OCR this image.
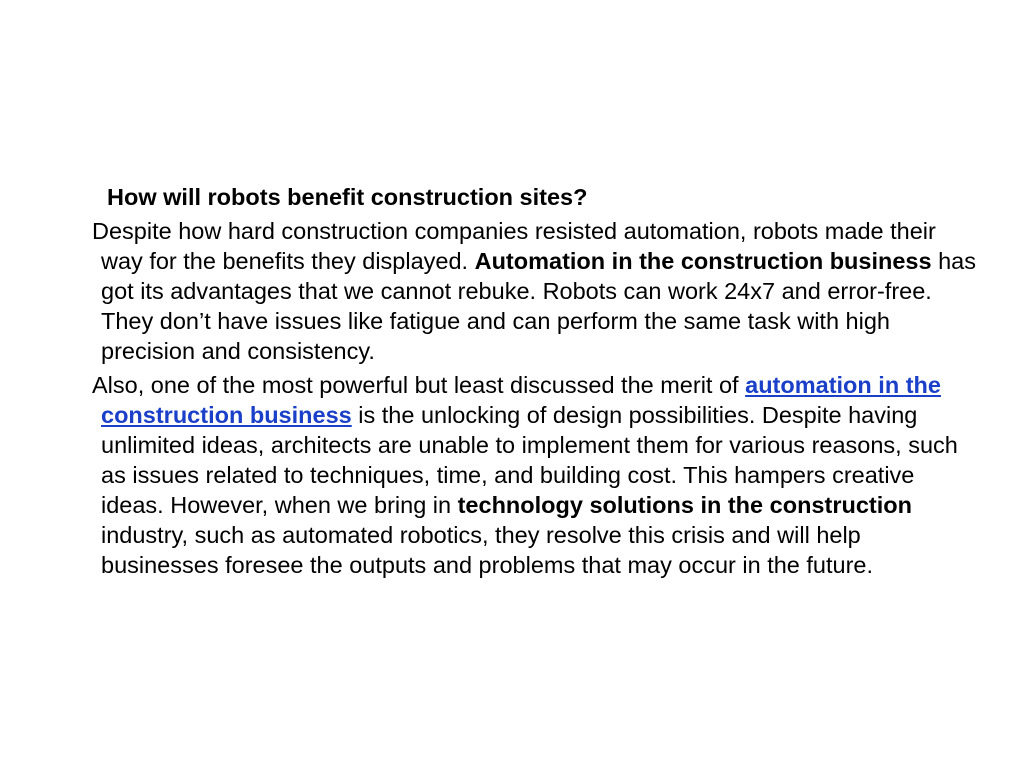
How will robots benefit construction sites?

Despite how hard construction companies resisted automation, robots made their way for the benefits they displayed. Automation in the construction business has got its advantages that we cannot rebuke. Robots can work 24x7 and error-free. They don’t have issues like fatigue and can perform the same task with high precision and consistency.

Also, one of the most powerful but least discussed the merit of automation in the construction business is the unlocking of design possibilities. Despite having unlimited ideas, architects are unable to implement them for various reasons, such as issues related to techniques, time, and building cost. This hampers creative ideas. However, when we bring in technology solutions in the construction industry, such as automated robotics, they resolve this crisis and will help businesses foresee the outputs and problems that may occur in the future.
